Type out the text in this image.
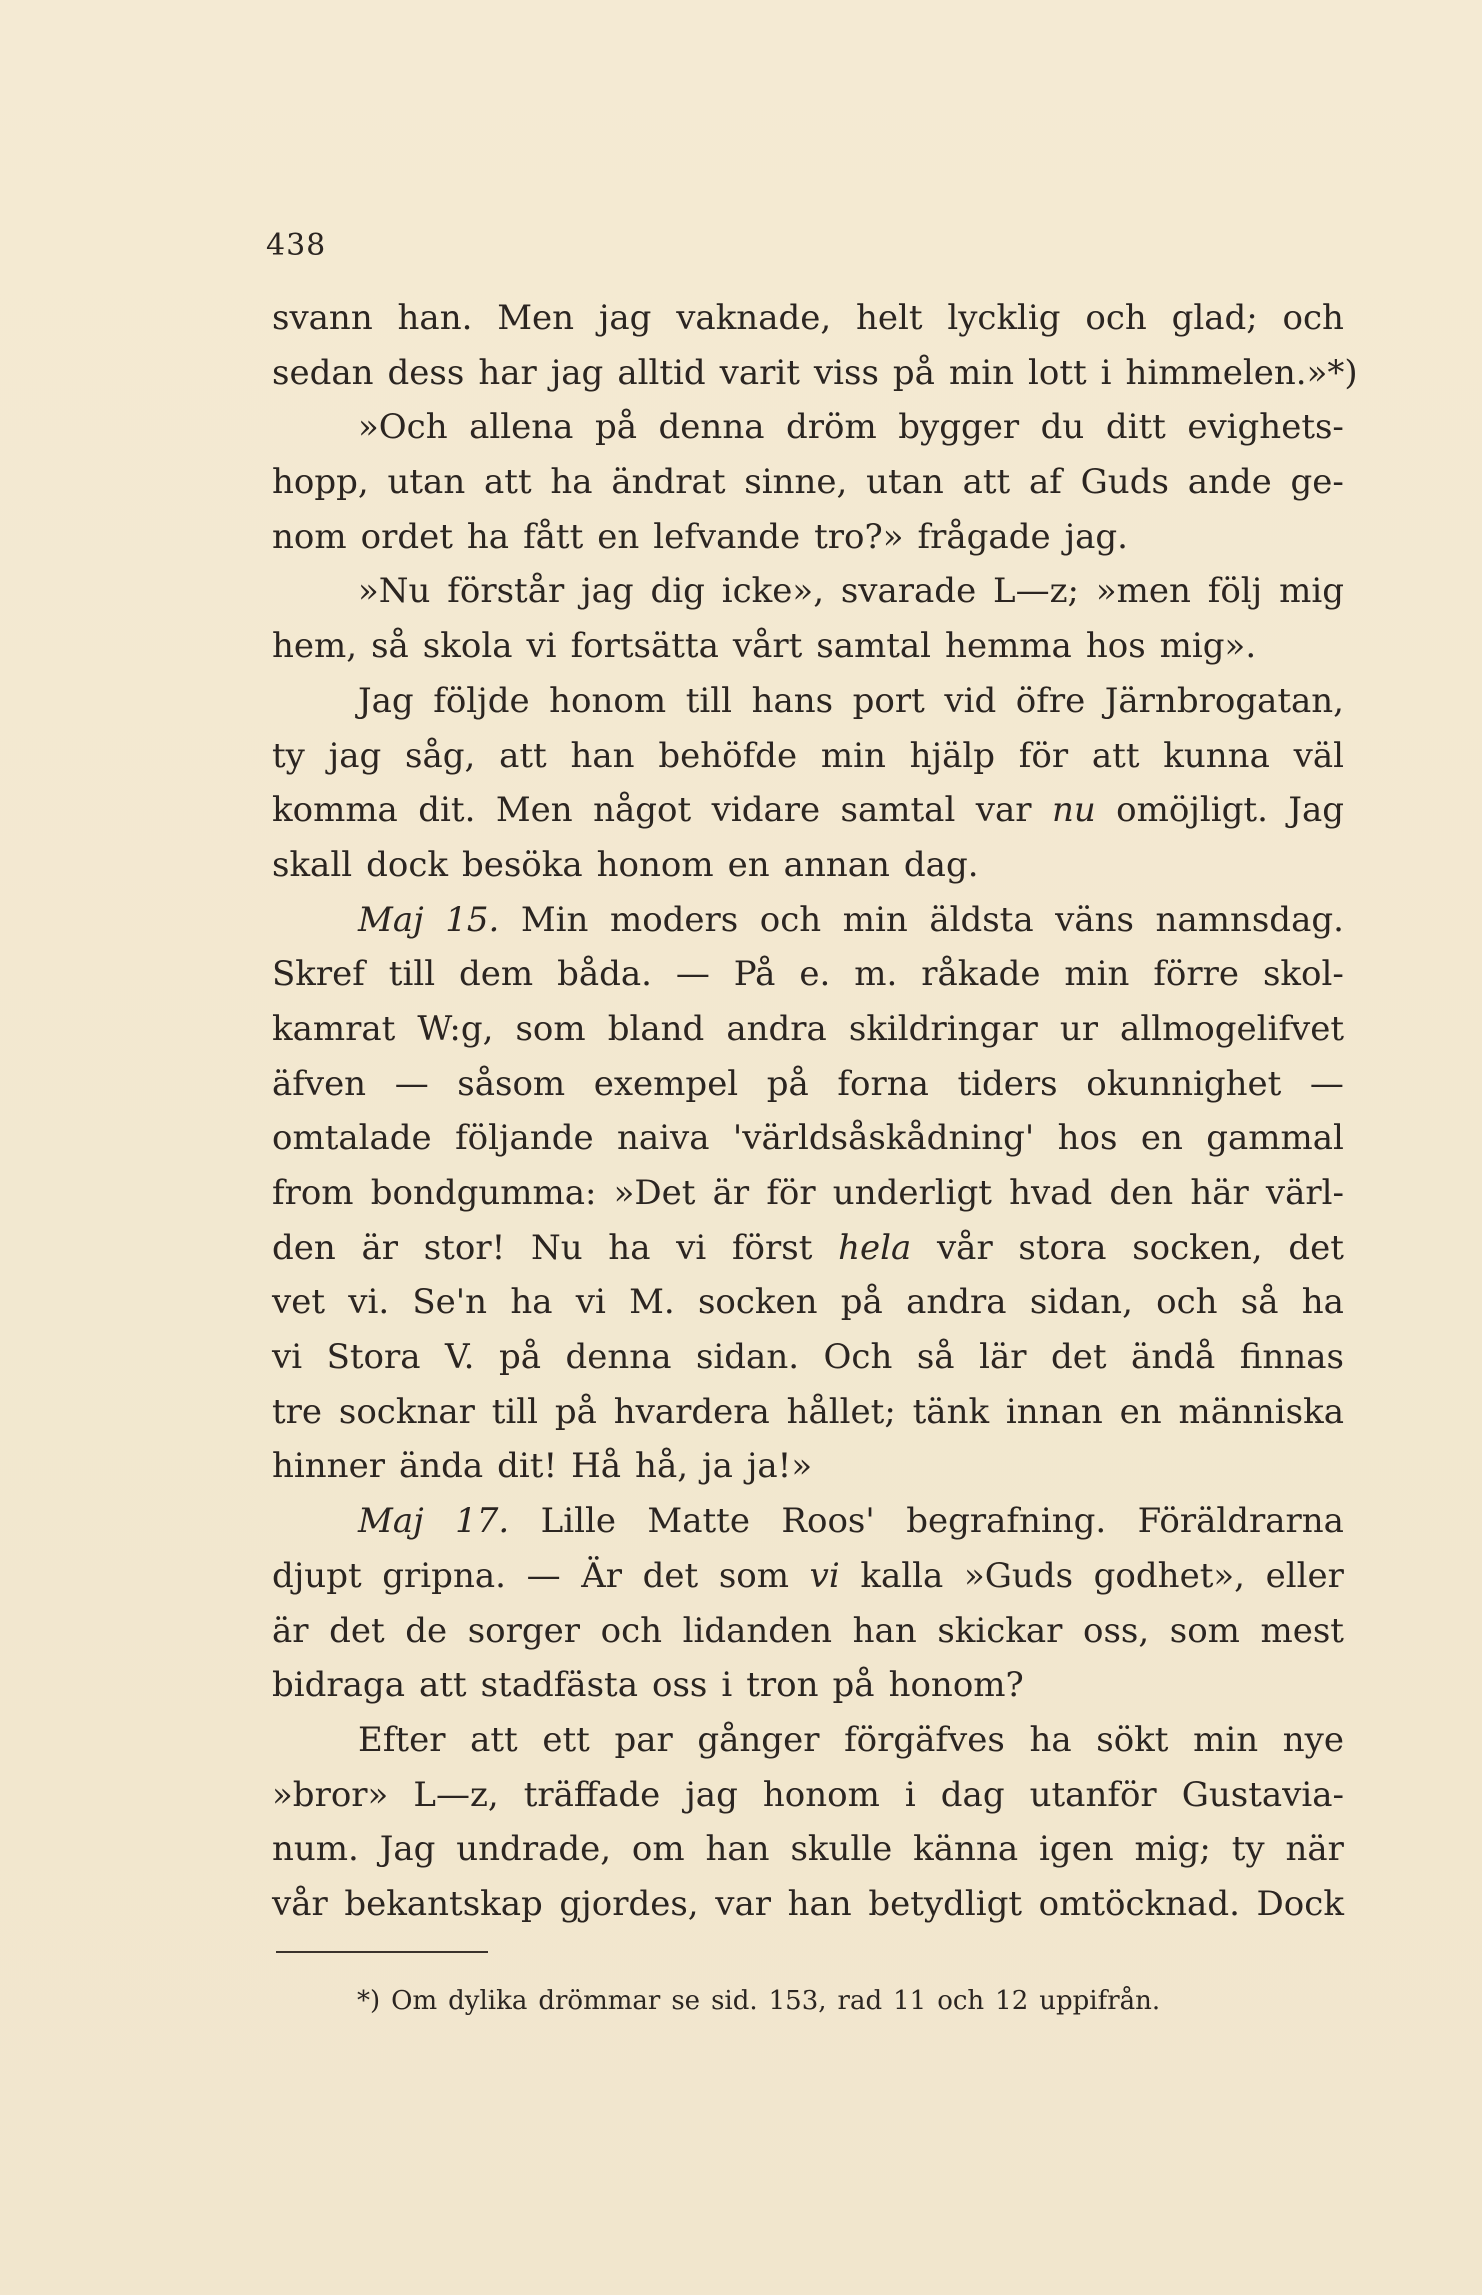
438
svann han. Men jag vaknade, helt lycklig och glad; och
sedan dess har jag alltid varit viss på min lott i himmelen.»*)
»Och allena på denna dröm bygger du ditt evighets-
hopp, utan att ha ändrat sinne, utan att af Guds ande ge-
nom ordet ha fått en lefvande tro?» frågade jag.
»Nu förstår jag dig icke», svarade L—z; »men följ mig
hem, så skola vi fortsätta vårt samtal hemma hos mig».
Jag följde honom till hans port vid öfre Järnbrogatan,
ty jag såg, att han behöfde min hjälp för att kunna väl
komma dit. Men något vidare samtal var nu omöjligt. Jag
skall dock besöka honom en annan dag.
Maj 15. Min moders och min äldsta väns namnsdag.
Skref till dem båda. — På e. m. råkade min förre skol-
kamrat W:g, som bland andra skildringar ur allmogelifvet
äfven — såsom exempel på forna tiders okunnighet —
omtalade följande naiva 'världsåskådning' hos en gammal
from bondgumma: »Det är för underligt hvad den här värl-
den är stor! Nu ha vi först hela vår stora socken, det
vet vi. Se'n ha vi M. socken på andra sidan, och så ha
vi Stora V. på denna sidan. Och så lär det ändå finnas
tre socknar till på hvardera hållet; tänk innan en människa
hinner ända dit! Hå hå, ja ja!»
Maj 17. Lille Matte Roos' begrafning. Föräldrarna
djupt gripna. — Är det som vi kalla »Guds godhet», eller
är det de sorger och lidanden han skickar oss, som mest
bidraga att stadfästa oss i tron på honom?
Efter att ett par gånger förgäfves ha sökt min nye
»bror» L—z, träffade jag honom i dag utanför Gustavia-
num. Jag undrade, om han skulle känna igen mig; ty när
vår bekantskap gjordes, var han betydligt omtöcknad. Dock
*) Om dylika drömmar se sid. 153, rad 11 och 12 uppifrån.
